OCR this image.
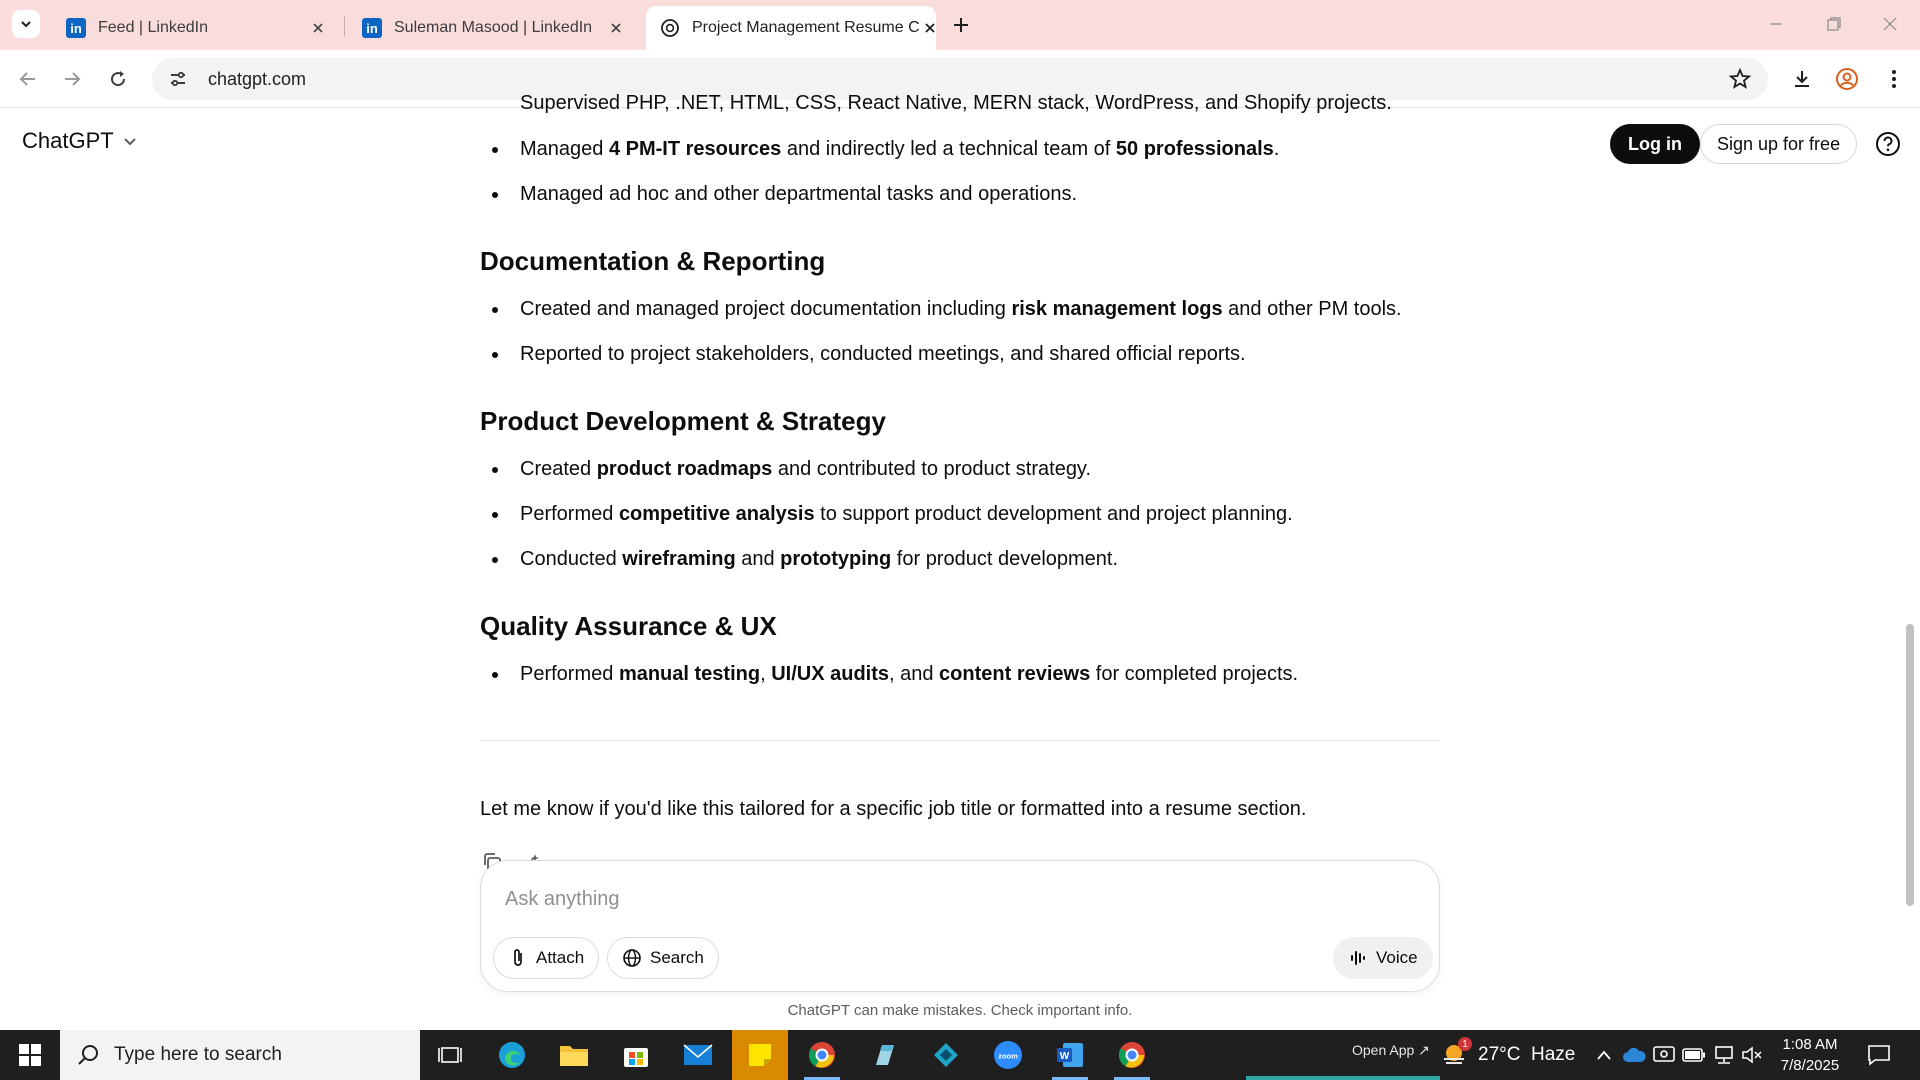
in Feed | LinkedIn	in Suleman Masood | LinkedIn	Project Management Resume C
chatgpt.com
Supervised PHP, .NET, HTML, CSS, React Native, MERN stack, WordPress, and Shopify projects.
Managed 4 PM-IT resources and indirectly led a technical team of 50 professionals.
Managed ad hoc and other departmental tasks and operations.
Documentation & Reporting
Created and managed project documentation including risk management logs and other PM tools.
Reported to project stakeholders, conducted meetings, and shared official reports.
Product Development & Strategy
Created product roadmaps and contributed to product strategy.
Performed competitive analysis to support product development and project planning.
Conducted wireframing and prototyping for product development.
Quality Assurance & UX
Performed manual testing, UI/UX audits, and content reviews for completed projects.
Let me know if you'd like this tailored for a specific job title or formatted into a resume section.
ChatGPT	Log in	Sign up for free
Ask anything
Attach	Search	Voice
ChatGPT can make mistakes. Check important info.
Type here to search	zoom	W	Open App ↗	1 27°C  Haze	1:08 AM
7/8/2025
